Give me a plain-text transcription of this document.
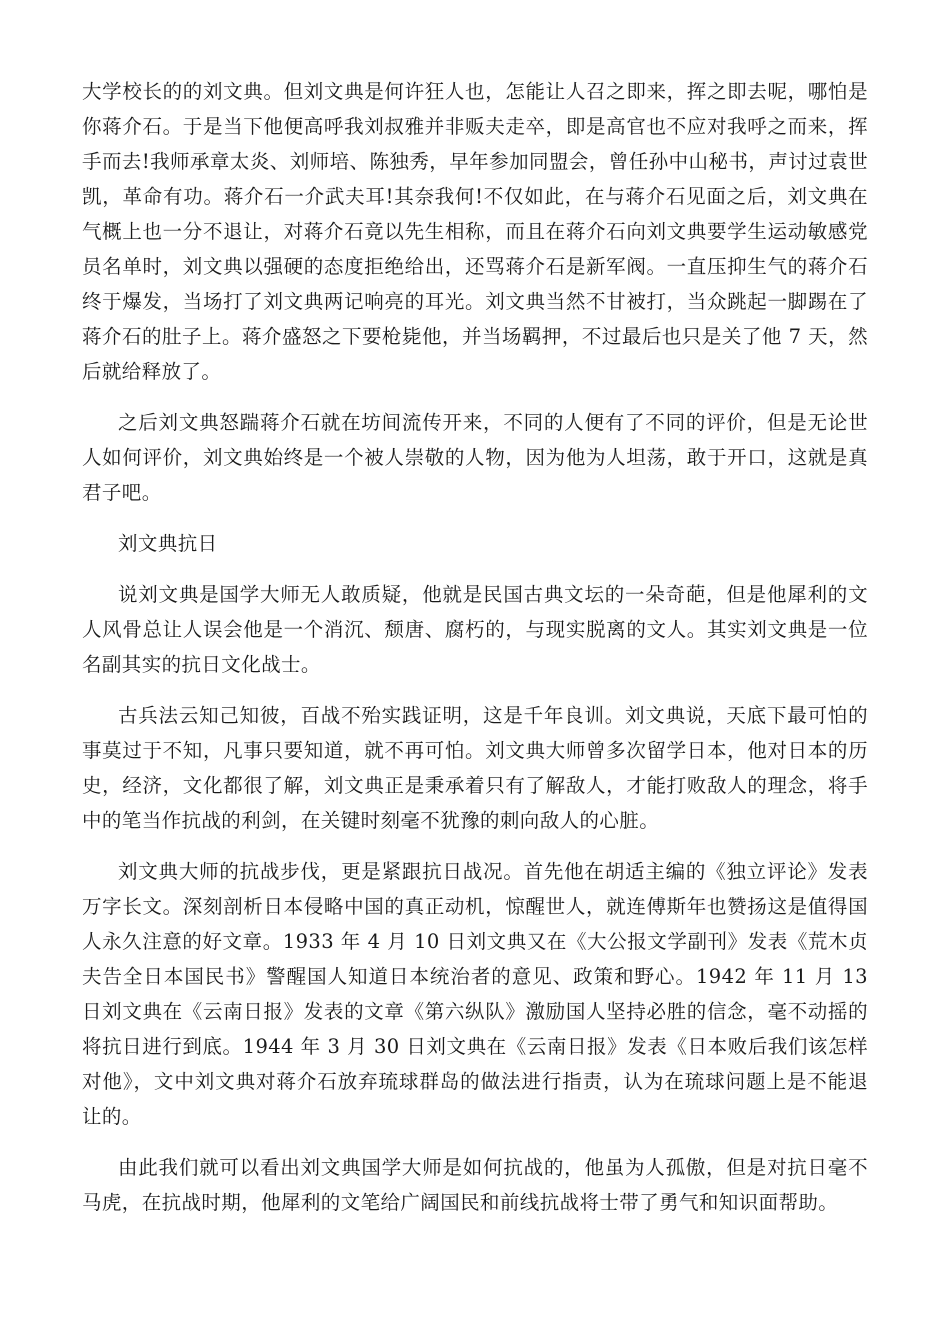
大学校长的的刘文典。但刘文典是何许狂人也，怎能让人召之即来，挥之即去呢，哪怕是你蒋介石。于是当下他便高呼我刘叔雅并非贩夫走卒，即是高官也不应对我呼之而来，挥手而去!我师承章太炎、刘师培、陈独秀，早年参加同盟会，曾任孙中山秘书，声讨过袁世凯，革命有功。蒋介石一介武夫耳!其奈我何!不仅如此，在与蒋介石见面之后，刘文典在气概上也一分不退让，对蒋介石竟以先生相称，而且在蒋介石向刘文典要学生运动敏感党员名单时，刘文典以强硬的态度拒绝给出，还骂蒋介石是新军阀。一直压抑生气的蒋介石终于爆发，当场打了刘文典两记响亮的耳光。刘文典当然不甘被打，当众跳起一脚踢在了蒋介石的肚子上。蒋介盛怒之下要枪毙他，并当场羁押，不过最后也只是关了他 7 天，然后就给释放了。

之后刘文典怒踹蒋介石就在坊间流传开来，不同的人便有了不同的评价，但是无论世人如何评价，刘文典始终是一个被人崇敬的人物，因为他为人坦荡，敢于开口，这就是真君子吧。

刘文典抗日

说刘文典是国学大师无人敢质疑，他就是民国古典文坛的一朵奇葩，但是他犀利的文人风骨总让人误会他是一个消沉、颓唐、腐朽的，与现实脱离的文人。其实刘文典是一位名副其实的抗日文化战士。

古兵法云知己知彼，百战不殆实践证明，这是千年良训。刘文典说，天底下最可怕的事莫过于不知，凡事只要知道，就不再可怕。刘文典大师曾多次留学日本，他对日本的历史，经济，文化都很了解，刘文典正是秉承着只有了解敌人，才能打败敌人的理念，将手中的笔当作抗战的利剑，在关键时刻毫不犹豫的刺向敌人的心脏。

刘文典大师的抗战步伐，更是紧跟抗日战况。首先他在胡适主编的《独立评论》发表万字长文。深刻剖析日本侵略中国的真正动机，惊醒世人，就连傅斯年也赞扬这是值得国人永久注意的好文章。1933 年 4 月 10 日刘文典又在《大公报文学副刊》发表《荒木贞夫告全日本国民书》警醒国人知道日本统治者的意见、政策和野心。1942 年 11 月 13 日刘文典在《云南日报》发表的文章《第六纵队》激励国人坚持必胜的信念，毫不动摇的将抗日进行到底。1944 年 3 月 30 日刘文典在《云南日报》发表《日本败后我们该怎样对他》，文中刘文典对蒋介石放弃琉球群岛的做法进行指责，认为在琉球问题上是不能退让的。

由此我们就可以看出刘文典国学大师是如何抗战的，他虽为人孤傲，但是对抗日毫不马虎，在抗战时期，他犀利的文笔给广阔国民和前线抗战将士带了勇气和知识面帮助。
